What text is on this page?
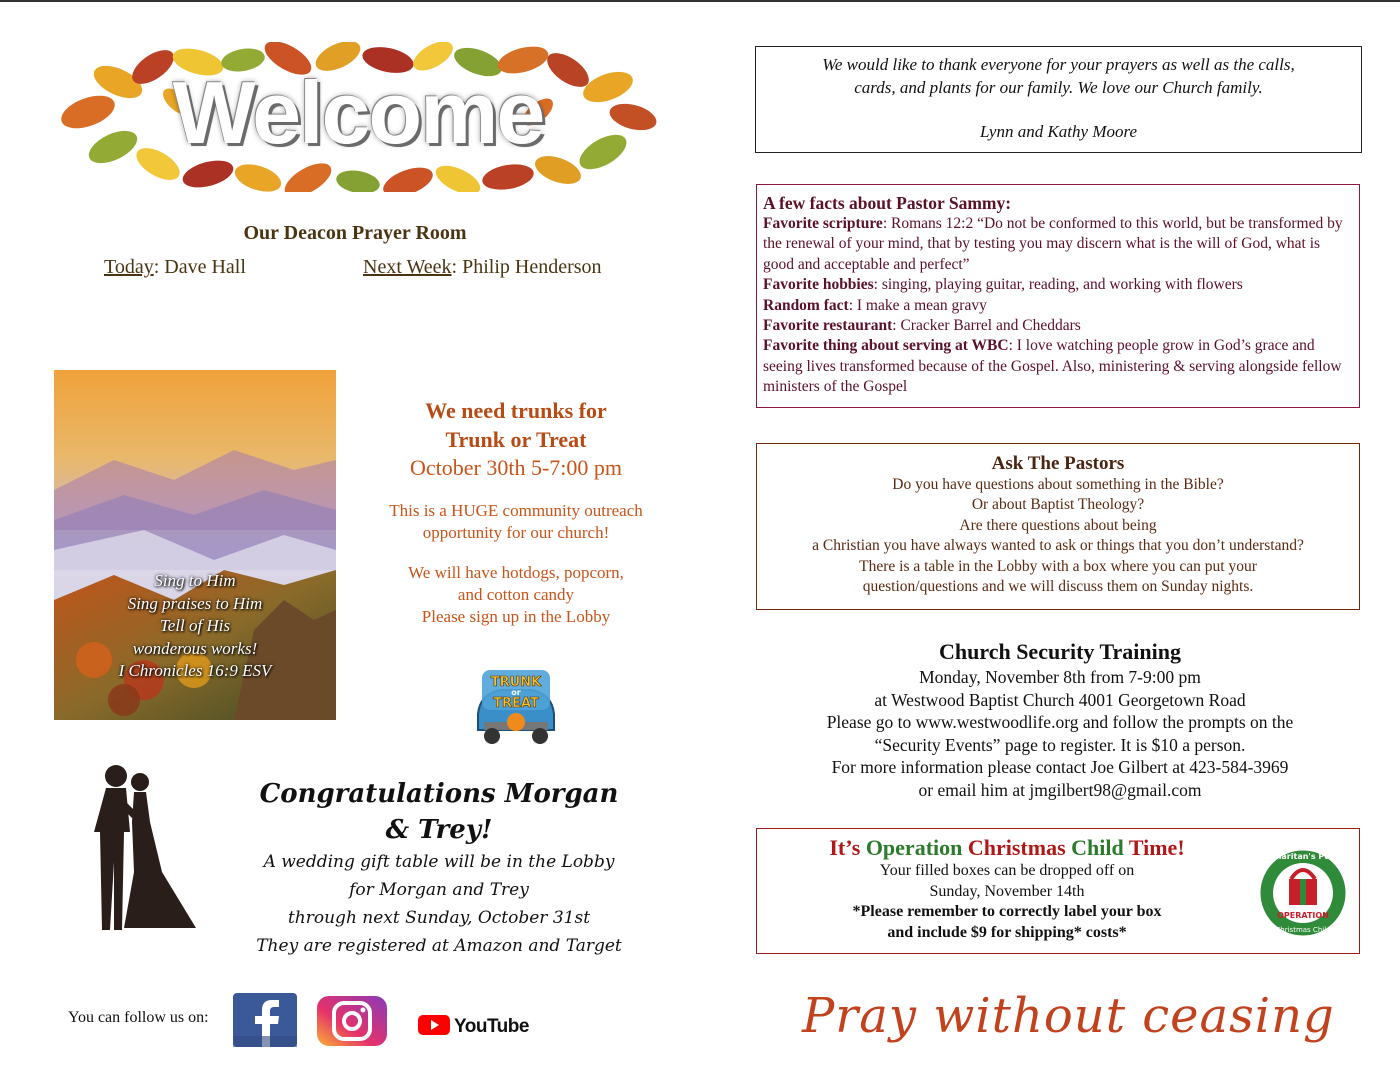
Welcome
Our Deacon Prayer Room
Today: Dave Hall	Next Week: Philip Henderson
Sing to Him
Sing praises to Him
Tell of His
wonderous works!
I Chronicles 16:9 ESV
We need trunks for
Trunk or Treat
October 30th 5-7:00 pm
This is a HUGE community outreach
opportunity for our church!
We will have hotdogs, popcorn,
and cotton candy
Please sign up in the Lobby
TRUNK
or
TREAT
Congratulations Morgan & Trey!
A wedding gift table will be in the Lobby
for Morgan and Trey
through next Sunday, October 31st
They are registered at Amazon and Target
You can follow us on:	YouTube
We would like to thank everyone for your prayers as well as the calls,
cards, and plants for our family. We love our Church family.
Lynn and Kathy Moore
A few facts about Pastor Sammy:
Favorite scripture: Romans 12:2 “Do not be conformed to this world, but be transformed by the renewal of your mind, that by testing you may discern what is the will of God, what is good and acceptable and perfect”
Favorite hobbies: singing, playing guitar, reading, and working with flowers
Random fact: I make a mean gravy
Favorite restaurant: Cracker Barrel and Cheddars
Favorite thing about serving at WBC: I love watching people grow in God’s grace and seeing lives transformed because of the Gospel. Also, ministering & serving alongside fellow ministers of the Gospel
Ask The Pastors
Do you have questions about something in the Bible?
Or about Baptist Theology?
Are there questions about being
a Christian you have always wanted to ask or things that you don’t understand?
There is a table in the Lobby with a box where you can put your
question/questions and we will discuss them on Sunday nights.
Church Security Training
Monday, November 8th from 7-9:00 pm
at Westwood Baptist Church 4001 Georgetown Road
Please go to www.westwoodlife.org and follow the prompts on the
“Security Events” page to register. It is $10 a person.
For more information please contact Joe Gilbert at 423-584-3969
or email him at jmgilbert98@gmail.com
It’s Operation Christmas Child Time!
Your filled boxes can be dropped off on
Sunday, November 14th
*Please remember to correctly label your box
and include $9 for shipping* costs*
Samaritan's Purse
OPERATION
Christmas Child
Pray without ceasing
